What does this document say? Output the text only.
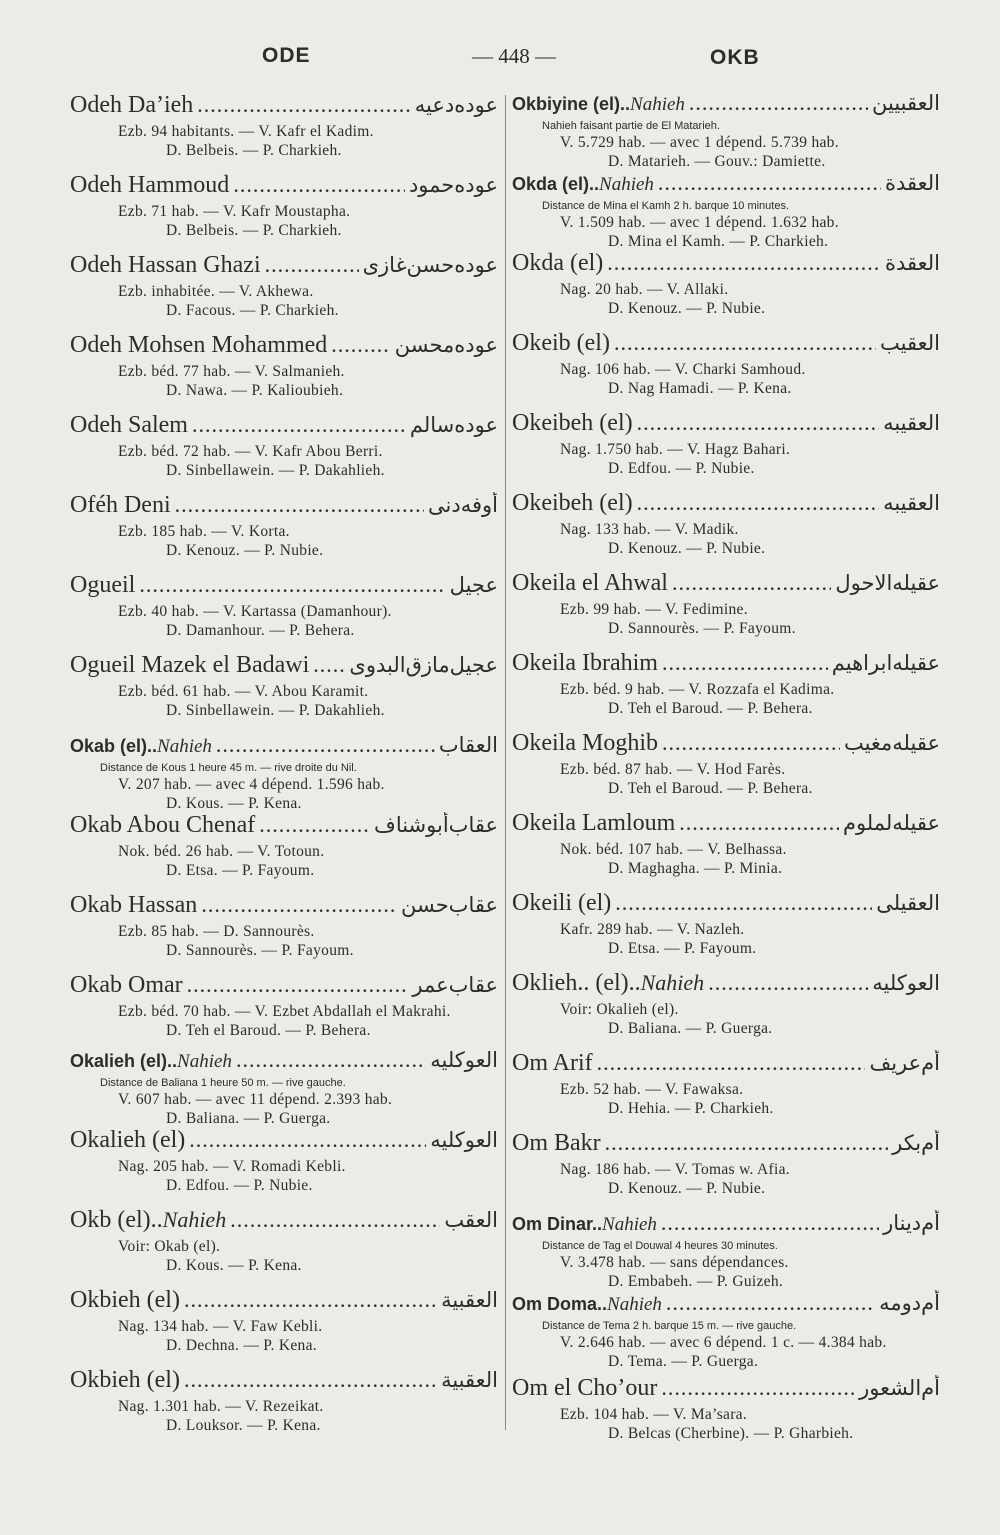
ODE	— 448 —	OKB
Odeh Da’ieh .....	عوده‌دعيه
Ezb. 94 habitants. — V. Kafr el Kadim.
D. Belbeis. — P. Charkieh.
Odeh Hammoud .....	عوده‌حمود
Ezb. 71 hab. — V. Kafr Moustapha.
D. Belbeis. — P. Charkieh.
Odeh Hassan Ghazi .....	عوده‌حسن‌غازى
Ezb. inhabitée. — V. Akhewa.
D. Facous. — P. Charkieh.
Odeh Mohsen Mohammed .....	عوده‌محسن
Ezb. béd. 77 hab. — V. Salmanieh.
D. Nawa. — P. Kalioubieh.
Odeh Salem .....	عوده‌سالم
Ezb. béd. 72 hab. — V. Kafr Abou Berri.
D. Sinbellawein. — P. Dakahlieh.
Oféh Deni .....	أوفه‌دنى
Ezb. 185 hab. — V. Korta.
D. Kenouz. — P. Nubie.
Ogueil .....	عجيل
Ezb. 40 hab. — V. Kartassa (Damanhour).
D. Damanhour. — P. Behera.
Ogueil Mazek el Badawi ..... عجيل‌مازق‌البدوى
Ezb. béd. 61 hab. — V. Abou Karamit.
D. Sinbellawein. — P. Dakahlieh.
Okab (el).. Nahieh .....	العقاب
Distance de Kous 1 heure 45 m. — rive droite du Nil.
V. 207 hab. — avec 4 dépend. 1.596 hab.
D. Kous. — P. Kena.
Okab Abou Chenaf .....	عقاب‌أبوشناف
Nok. béd. 26 hab. — V. Totoun.
D. Etsa. — P. Fayoum.
Okab Hassan .....	عقاب‌حسن
Ezb. 85 hab. — D. Sannourès.
D. Sannourès. — P. Fayoum.
Okab Omar .....	عقاب‌عمر
Ezb. béd. 70 hab. — V. Ezbet Abdallah el Makrahi.
D. Teh el Baroud. — P. Behera.
Okalieh (el).. Nahieh .....	العوكليه
Distance de Baliana 1 heure 50 m. — rive gauche.
V. 607 hab. — avec 11 dépend. 2.393 hab.
D. Baliana. — P. Guerga.
Okalieh (el) .....	العوكليه
Nag. 205 hab. — V. Romadi Kebli.
D. Edfou. — P. Nubie.
Okb (el).. Nahieh .....	العقب
Voir: Okab (el).
D. Kous. — P. Kena.
Okbieh (el) .....	العقبية
Nag. 134 hab. — V. Faw Kebli.
D. Dechna. — P. Kena.
Okbieh (el) .....	العقبية
Nag. 1.301 hab. — V. Rezeikat.
D. Louksor. — P. Kena.
Okbiyine (el).. Nahieh .....	العقبيين
Nahieh faisant partie de El Matarieh.
V. 5.729 hab. — avec 1 dépend. 5.739 hab.
D. Matarieh. — Gouv.: Damiette.
Okda (el).. Nahieh .....	العقدة
Distance de Mina el Kamh 2 h. barque 10 minutes.
V. 1.509 hab. — avec 1 dépend. 1.632 hab.
D. Mina el Kamh. — P. Charkieh.
Okda (el) .....	العقدة
Nag. 20 hab. — V. Allaki.
D. Kenouz. — P. Nubie.
Okeib (el) .....	العقيب
Nag. 106 hab. — V. Charki Samhoud.
D. Nag Hamadi. — P. Kena.
Okeibeh (el) .....	العقيبه
Nag. 1.750 hab. — V. Hagz Bahari.
D. Edfou. — P. Nubie.
Okeibeh (el) .....	العقيبه
Nag. 133 hab. — V. Madik.
D. Kenouz. — P. Nubie.
Okeila el Ahwal .....	عقيله‌الاحول
Ezb. 99 hab. — V. Fedimine.
D. Sannourès. — P. Fayoum.
Okeila Ibrahim .....	عقيله‌ابراهيم
Ezb. béd. 9 hab. — V. Rozzafa el Kadima.
D. Teh el Baroud. — P. Behera.
Okeila Moghib .....	عقيله‌مغيب
Ezb. béd. 87 hab. — V. Hod Farès.
D. Teh el Baroud. — P. Behera.
Okeila Lamloum .....	عقيله‌لملوم
Nok. béd. 107 hab. — V. Belhassa.
D. Maghagha. — P. Minia.
Okeili (el) .....	العقيلى
Kafr. 289 hab. — V. Nazleh.
D. Etsa. — P. Fayoum.
Oklieh.. (el).. Nahieh .....	العوكليه
Voir: Okalieh (el).
D. Baliana. — P. Guerga.
Om Arif .....	أم‌عريف
Ezb. 52 hab. — V. Fawaksa.
D. Hehia. — P. Charkieh.
Om Bakr .....	أم‌بكر
Nag. 186 hab. — V. Tomas w. Afia.
D. Kenouz. — P. Nubie.
Om Dinar.. Nahieh .....	أم‌دينار
Distance de Tag el Douwal 4 heures 30 minutes.
V. 3.478 hab. — sans dépendances.
D. Embabeh. — P. Guizeh.
Om Doma.. Nahieh .....	أم‌دومه
Distance de Tema 2 h. barque 15 m. — rive gauche.
V. 2.646 hab. — avec 6 dépend. 1 c. — 4.384 hab.
D. Tema. — P. Guerga.
Om el Cho’our .....	أم‌الشعور
Ezb. 104 hab. — V. Ma’sara.
D. Belcas (Cherbine). — P. Gharbieh.
